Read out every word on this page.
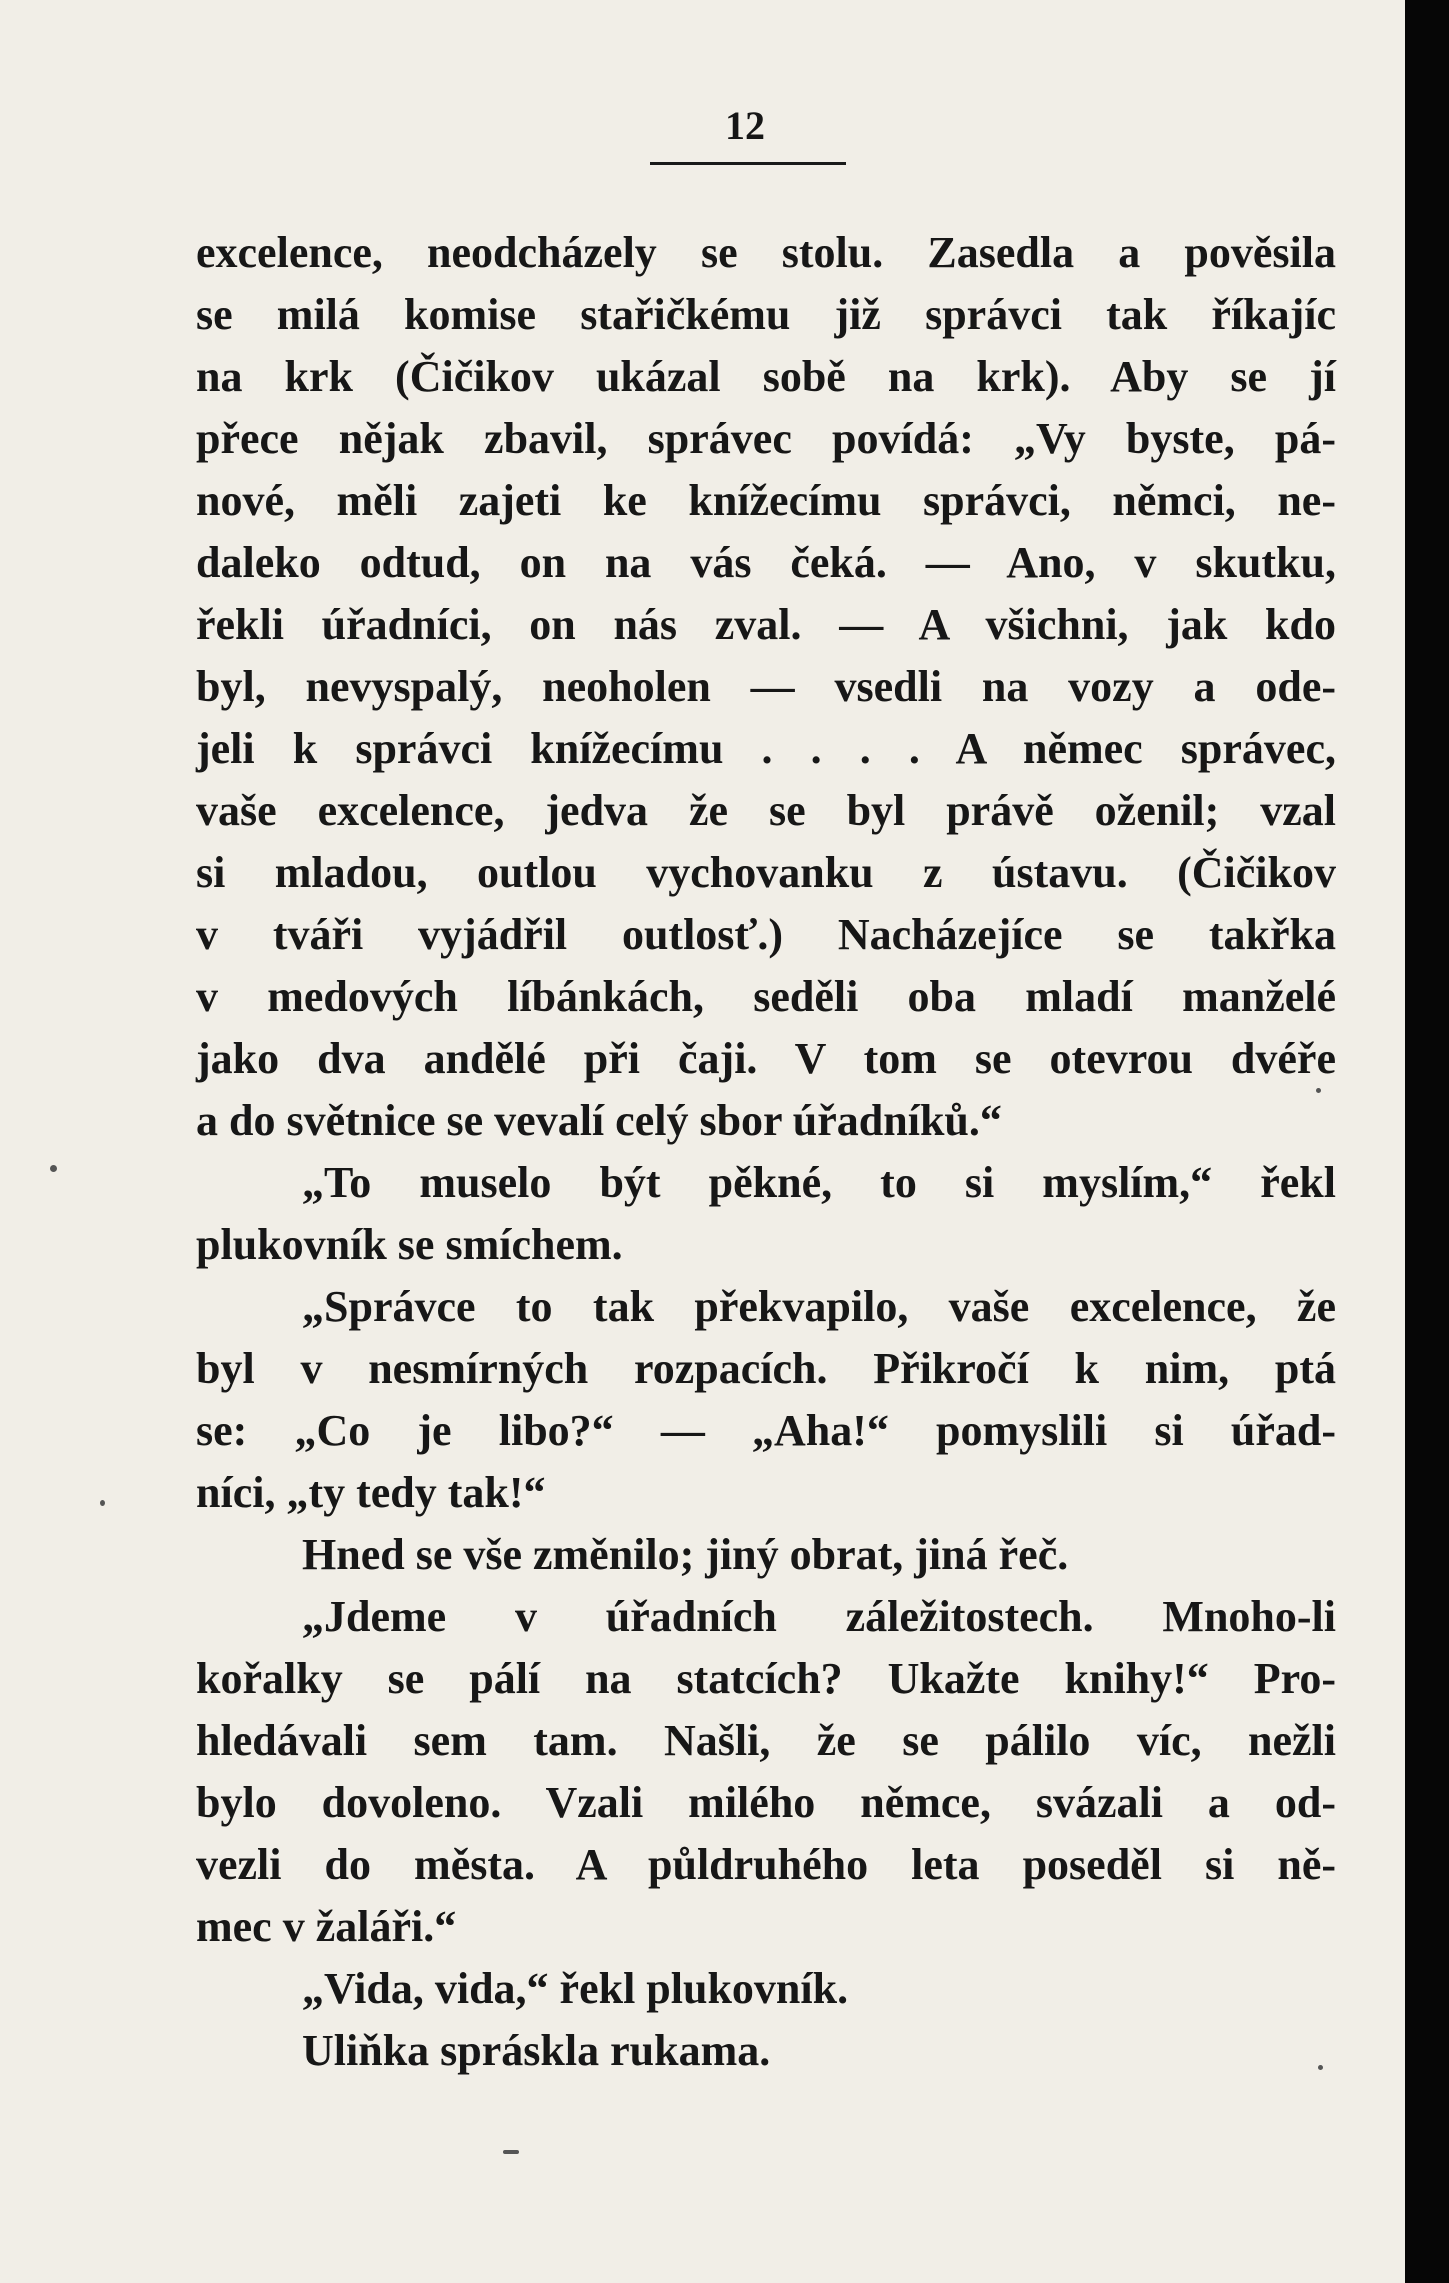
12
excelence, neodcházely se stolu. Zasedla a pověsila
se milá komise stařičkému již správci tak říkajíc
na krk (Čičikov ukázal sobě na krk). Aby se jí
přece nějak zbavil, správec povídá: „Vy byste, pá-
nové, měli zajeti ke knížecímu správci, němci, ne-
daleko odtud, on na vás čeká. — Ano, v skutku,
řekli úřadníci, on nás zval. — A všichni, jak kdo
byl, nevyspalý, neoholen — vsedli na vozy a ode-
jeli k správci knížecímu . . . . A němec správec,
vaše excelence, jedva že se byl právě oženil; vzal
si mladou, outlou vychovanku z ústavu. (Čičikov
v tváři vyjádřil outlosť.) Nacházejíce se takřka
v medových líbánkách, seděli oba mladí manželé
jako dva andělé při čaji. V tom se otevrou dvéře
a do světnice se vevalí celý sbor úřadníků.“
„To muselo být pěkné, to si myslím,“ řekl
plukovník se smíchem.
„Správce to tak překvapilo, vaše excelence, že
byl v nesmírných rozpacích. Přikročí k nim, ptá
se: „Co je libo?“ — „Aha!“ pomyslili si úřad-
níci, „ty tedy tak!“
Hned se vše změnilo; jiný obrat, jiná řeč.
„Jdeme v úřadních záležitostech. Mnoho-li
kořalky se pálí na statcích? Ukažte knihy!“ Pro-
hledávali sem tam. Našli, že se pálilo víc, nežli
bylo dovoleno. Vzali milého němce, svázali a od-
vezli do města. A půldruhého leta poseděl si ně-
mec v žaláři.“
„Vida, vida,“ řekl plukovník.
Uliňka spráskla rukama.
